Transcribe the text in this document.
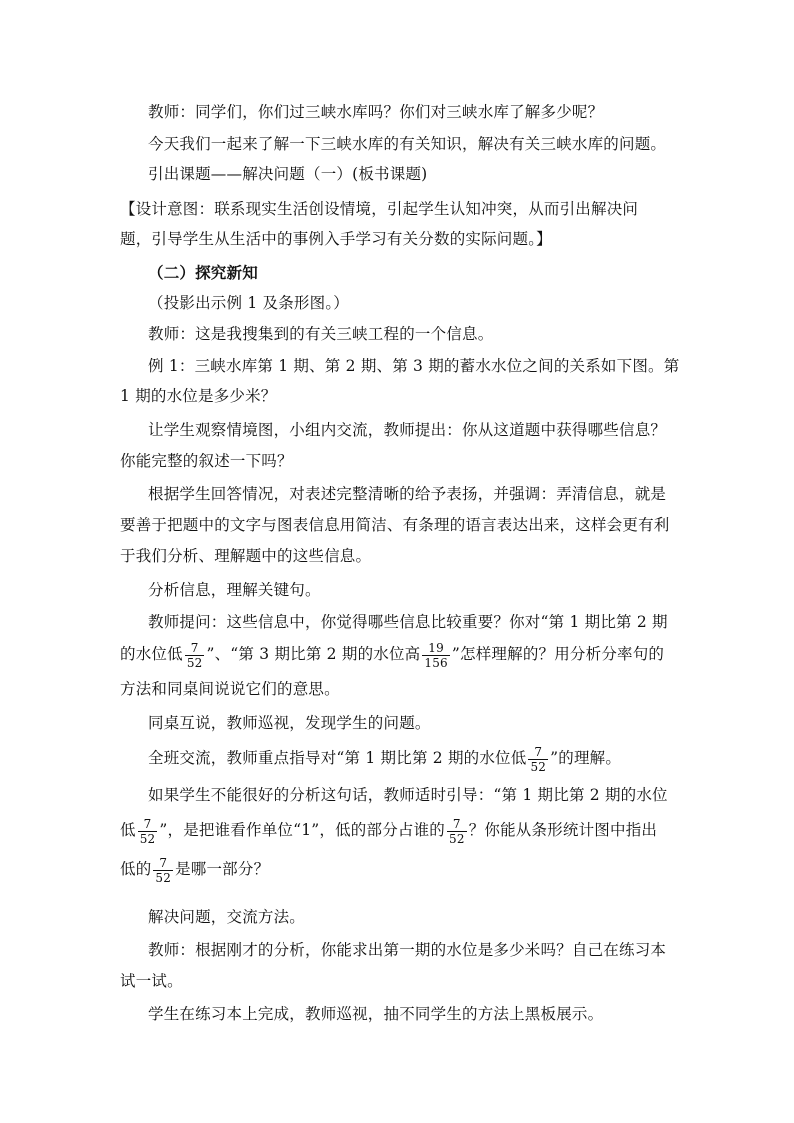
教师：同学们，你们过三峡水库吗？你们对三峡水库了解多少呢？
今天我们一起来了解一下三峡水库的有关知识，解决有关三峡水库的问题。
引出课题——解决问题（一）(板书课题)
【设计意图：联系现实生活创设情境，引起学生认知冲突，从而引出解决问
题，引导学生从生活中的事例入手学习有关分数的实际问题。】
（二）探究新知
（投影出示例 1 及条形图。）
教师：这是我搜集到的有关三峡工程的一个信息。
例 1：三峡水库第 1 期、第 2 期、第 3 期的蓄水水位之间的关系如下图。第
1 期的水位是多少米？
让学生观察情境图，小组内交流，教师提出：你从这道题中获得哪些信息？
你能完整的叙述一下吗？
根据学生回答情况，对表述完整清晰的给予表扬，并强调：弄清信息，就是
要善于把题中的文字与图表信息用简洁、有条理的语言表达出来，这样会更有利
于我们分析、理解题中的这些信息。
分析信息，理解关键句。
教师提问：这些信息中，你觉得哪些信息比较重要？你对“第 1 期比第 2 期
的水位低 $\frac{7}{52}$ ”、“第 3 期比第 2 期的水位高 $\frac{19}{156}$ ”怎样理解的？用分析分率句的
方法和同桌间说说它们的意思。
同桌互说，教师巡视，发现学生的问题。
全班交流，教师重点指导对“第 1 期比第 2 期的水位低 $\frac{7}{52}$ ”的理解。
如果学生不能很好的分析这句话，教师适时引导：“第 1 期比第 2 期的水位
低 $\frac{7}{52}$ ”，是把谁看作单位“1”，低的部分占谁的 $\frac{7}{52}$ ？你能从条形统计图中指出
低的 $\frac{7}{52}$ 是哪一部分？
解决问题，交流方法。
教师：根据刚才的分析，你能求出第一期的水位是多少米吗？自己在练习本
试一试。
学生在练习本上完成，教师巡视，抽不同学生的方法上黑板展示。
